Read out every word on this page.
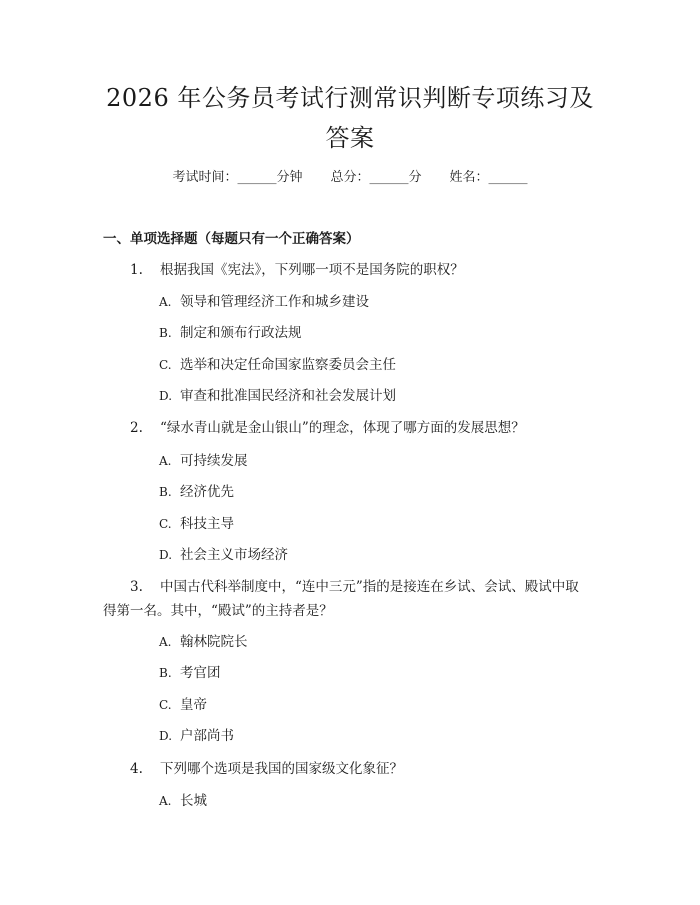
2026 年公务员考试行测常识判断专项练习及
答案
考试时间：______分钟 总分：______分 姓名：______
一、单项选择题（每题只有一个正确答案）
1. 根据我国《宪法》，下列哪一项不是国务院的职权？
A. 领导和管理经济工作和城乡建设
B. 制定和颁布行政法规
C. 选举和决定任命国家监察委员会主任
D. 审查和批准国民经济和社会发展计划
2. “绿水青山就是金山银山”的理念，体现了哪方面的发展思想？
A. 可持续发展
B. 经济优先
C. 科技主导
D. 社会主义市场经济
3. 中国古代科举制度中，“连中三元”指的是接连在乡试、会试、殿试中取
得第一名。其中，“殿试”的主持者是？
A. 翰林院院长
B. 考官团
C. 皇帝
D. 户部尚书
4. 下列哪个选项是我国的国家级文化象征？
A. 长城
